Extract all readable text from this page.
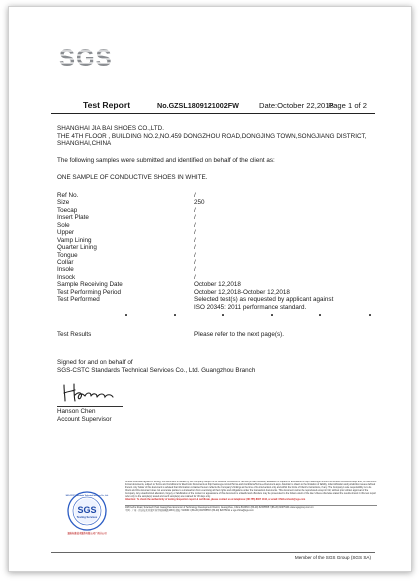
SGS
Test Report	No.GZSL1809121002FW	Date:October 22,2018
Page 1 of 2
SHANGHAI JIA BAI SHOES CO.,LTD.
THE 4TH FLOOR , BUILDING NO.2,NO.459 DONGZHOU ROAD,DONGJING TOWN,SONGJIANG DISTRICT,
SHANGHAI,CHINA
The following samples were submitted and identified on behalf of the client as:
ONE SAMPLE OF CONDUCTIVE SHOES IN WHITE.
Ref No.	/
Size	250
Toecap	/
Insert Plate	/
Sole	/
Upper	/
Vamp Lining	/
Quarter Lining	/
Tongue	/
Collar	/
Insole	/
Insock	/
Sample Receiving Date	October 12,2018
Test Performing Period	October 12,2018-October 12,2018
Test Performed	Selected test(s) as requested by applicant against
ISO 20345: 2011 performance standard.
Test Results	Please refer to the next page(s).
Signed for and on behalf of
SGS-CSTC Standards Technical Services Co., Ltd. Guangzhou Branch
Hanson Chen
Account Supervisor
SGS
Testing Services
SGS-CSTC Standards Technical Services Co., Ltd.
通标标准技术服务有限公司广州分公司
Unless otherwise agreed in writing, this document is issued by the Company subject to its General Conditions of Service printed overleaf, available on request or accessible at http://www.sgs.com/en/Terms-and-Conditions.aspx and, for electronic format documents, subject to Terms and Conditions for Electronic Documents at http://www.sgs.com/en/Terms-and-Conditions/Terms-e-Document.aspx. Attention is drawn to the limitation of liability, indemnification and jurisdiction issues defined therein. Any holder of this document is advised that information contained hereon reflects the Company's findings at the time of its intervention only and within the limits of Client's instructions, if any. The Company's sole responsibility is to its Client and this document does not exonerate parties to a transaction from exercising all their rights and obligations under the transaction documents. This document cannot be reproduced except in full, without prior written approval of the Company. Any unauthorized alteration, forgery or falsification of the content or appearance of this document is unlawful and offenders may be prosecuted to the fullest extent of the law. Unless otherwise stated the results shown in this test report refer only to the sample(s) tested and such sample(s) are retained for 30 days only.
Attention: To check the authenticity of testing /inspection report & certificate, please contact us at telephone: (86-755) 8307 1443, or email: CN.Doccheck@sgs.com
198 Kezhu Road, Scientech Park Guangzhou Economic & Technology Development District, Guangzhou, China 510663 t (86-20) 82155555 f (86-20) 82075191 www.sgsgroup.com.cn
中国 · 广州 · 经济技术开发区科学城科珠路198号 邮编: 510663 t (86-20) 82155555 f (86-20) 82075191 e sgs.china@sgs.com
Member of the SGS Group (SGS SA)
